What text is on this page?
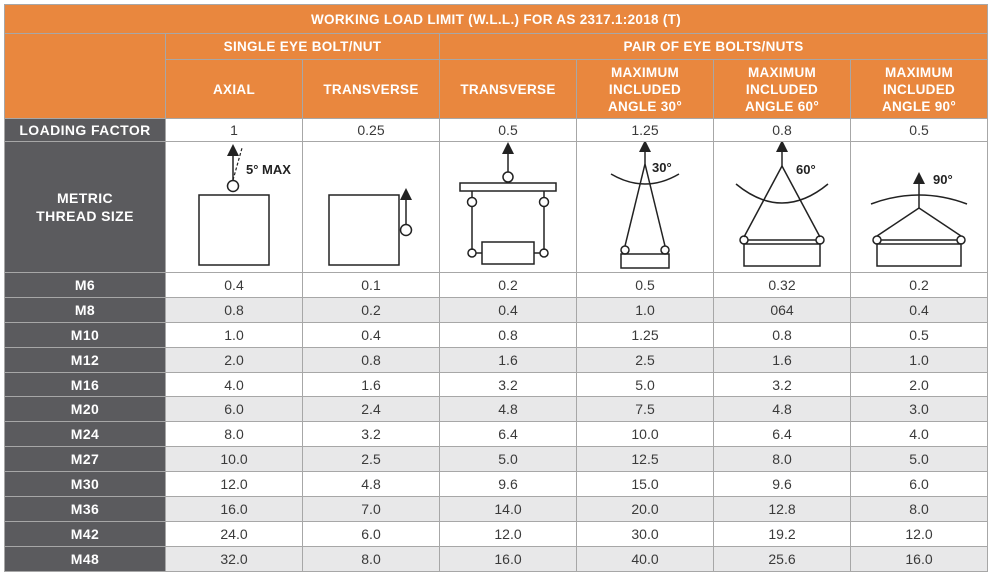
WORKING LOAD LIMIT (W.L.L.) FOR AS 2317.1:2018 (T)						
	SINGLE EYE BOLT/NUT		PAIR OF EYE BOLTS/NUTS			
	AXIAL	TRANSVERSE	TRANSVERSE	MAXIMUM INCLUDED ANGLE 30°	MAXIMUM INCLUDED ANGLE 60°	MAXIMUM INCLUDED ANGLE 90°
LOADING FACTOR	1	0.25	0.5	1.25	0.8	0.5
METRIC THREAD SIZE	5° MAX			30°	60°	90°

M6	0.4	0.1	0.2	0.5	0.32	0.2
M8	0.8	0.2	0.4	1.0	064	0.4
M10	1.0	0.4	0.8	1.25	0.8	0.5
M12	2.0	0.8	1.6	2.5	1.6	1.0
M16	4.0	1.6	3.2	5.0	3.2	2.0
M20	6.0	2.4	4.8	7.5	4.8	3.0
M24	8.0	3.2	6.4	10.0	6.4	4.0
M27	10.0	2.5	5.0	12.5	8.0	5.0
M30	12.0	4.8	9.6	15.0	9.6	6.0
M36	16.0	7.0	14.0	20.0	12.8	8.0
M42	24.0	6.0	12.0	30.0	19.2	12.0
M48	32.0	8.0	16.0	40.0	25.6	16.0
